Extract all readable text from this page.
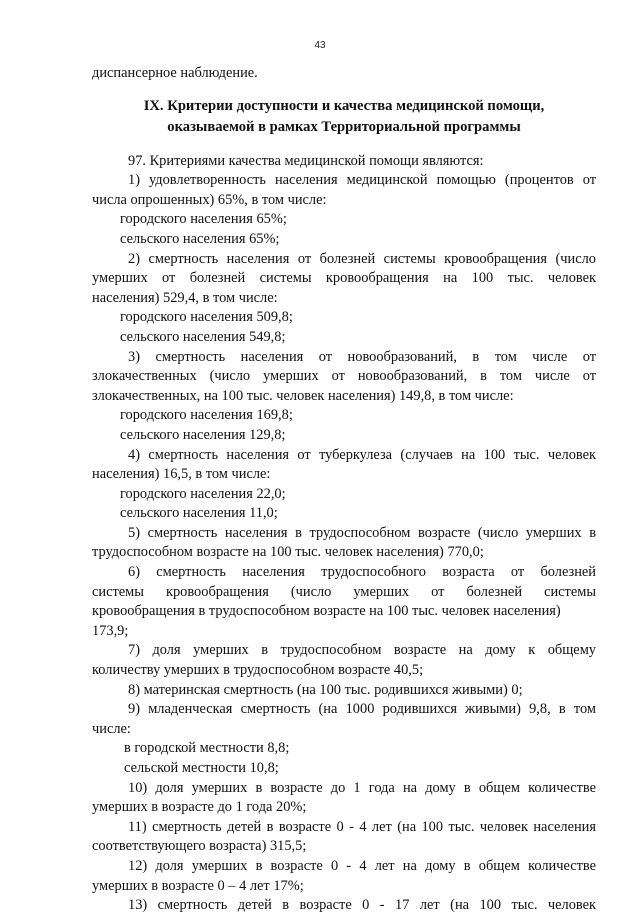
43
диспансерное наблюдение.
IX. Критерии доступности и качества медицинской помощи,
оказываемой в рамках Территориальной программы
97. Критериями качества медицинской помощи являются:
1) удовлетворенность населения медицинской помощью (процентов от
числа опрошенных) 65%, в том числе:
городского населения 65%;
сельского населения 65%;
2) смертность населения от болезней системы кровообращения (число
умерших от болезней системы кровообращения на 100 тыс. человек
населения) 529,4, в том числе:
городского населения 509,8;
сельского населения 549,8;
3) смертность населения от новообразований, в том числе от
злокачественных (число умерших от новообразований, в том числе от
злокачественных, на 100 тыс. человек населения) 149,8, в том числе:
городского населения 169,8;
сельского населения 129,8;
4) смертность населения от туберкулеза (случаев на 100 тыс. человек
населения) 16,5, в том числе:
городского населения 22,0;
сельского населения 11,0;
5) смертность населения в трудоспособном возрасте (число умерших в
трудоспособном возрасте на 100 тыс. человек населения) 770,0;
6) смертность населения трудоспособного возраста от болезней
системы кровообращения (число умерших от болезней системы
кровообращения в трудоспособном возрасте на 100 тыс. человек населения)
173,9;
7) доля умерших в трудоспособном возрасте на дому к общему
количеству умерших в трудоспособном возрасте 40,5;
8) материнская смертность (на 100 тыс. родившихся живыми) 0;
9) младенческая смертность (на 1000 родившихся живыми) 9,8, в том
числе:
в городской местности 8,8;
сельской местности 10,8;
10) доля умерших в возрасте до 1 года на дому в общем количестве
умерших в возрасте до 1 года 20%;
11) смертность детей в возрасте 0 - 4 лет (на 100 тыс. человек населения
соответствующего возраста) 315,5;
12) доля умерших в возрасте 0 - 4 лет на дому в общем количестве
умерших в возрасте 0 – 4 лет 17%;
13) смертность детей в возрасте 0 - 17 лет (на 100 тыс. человек
